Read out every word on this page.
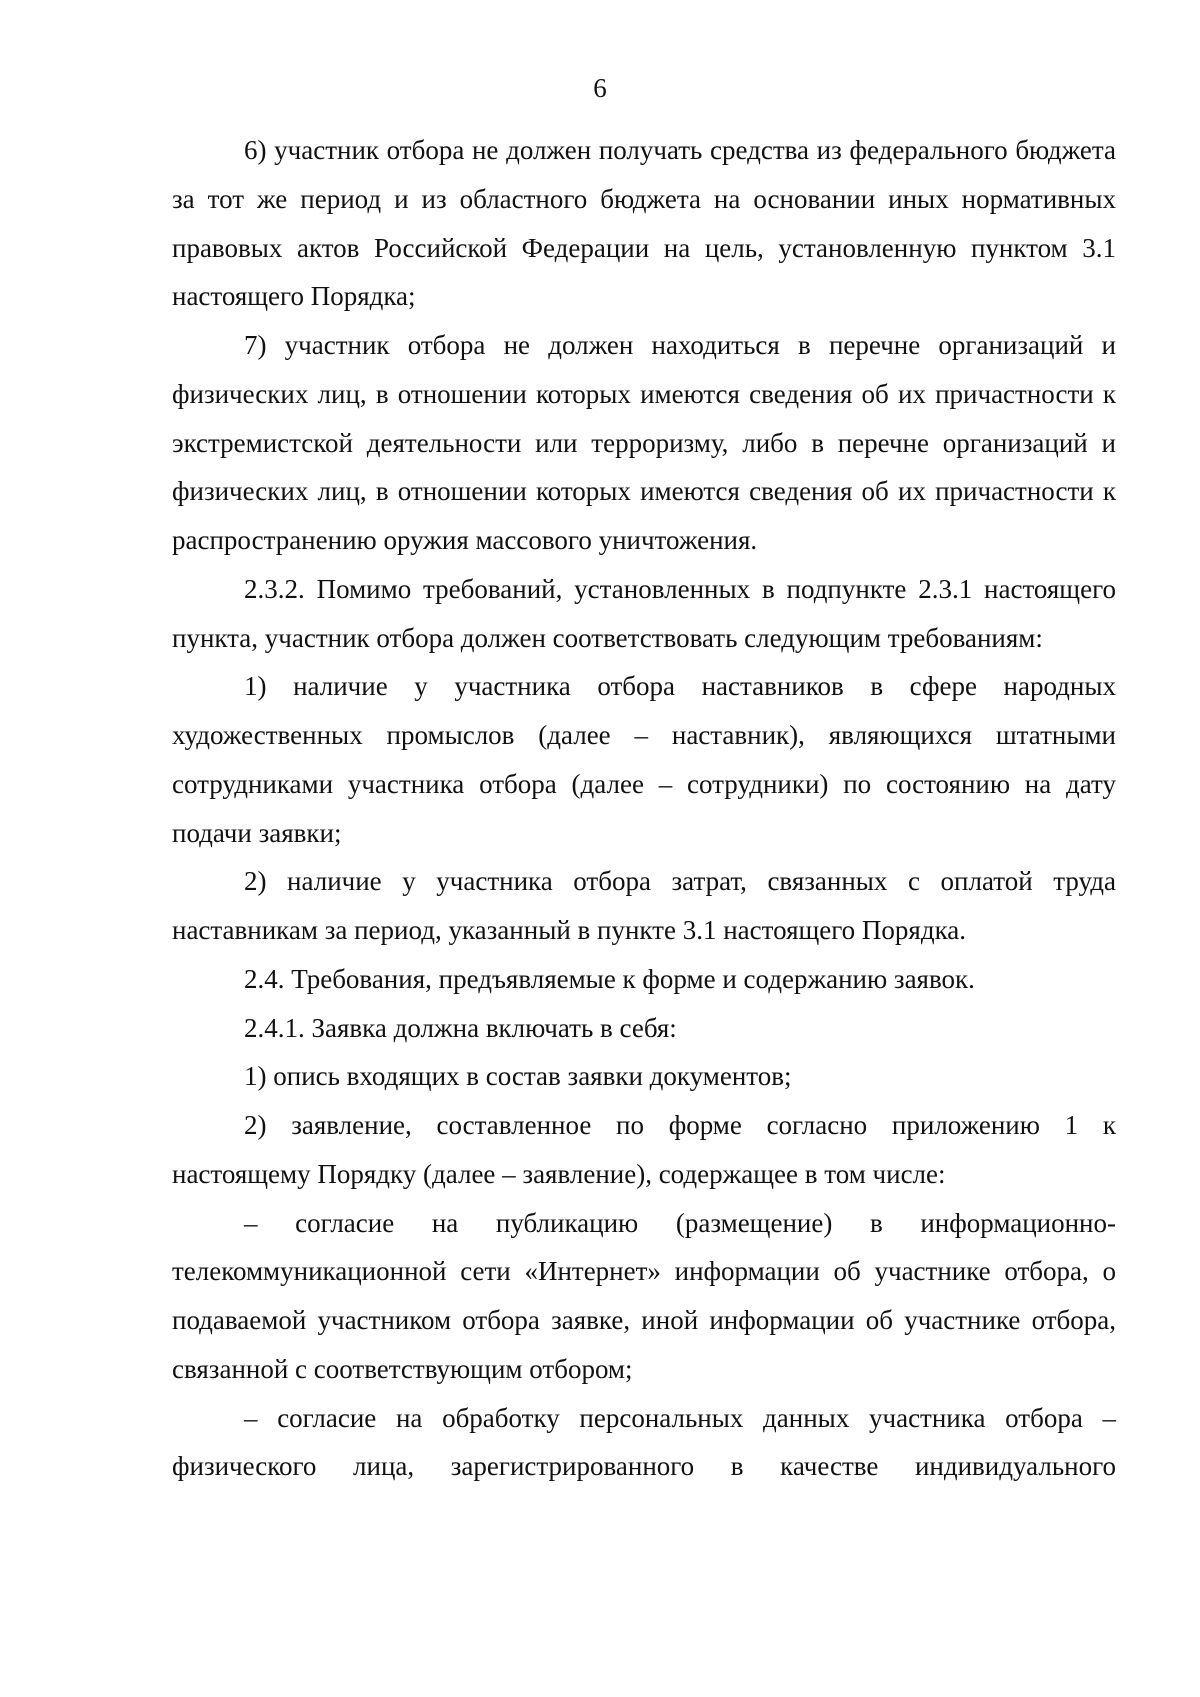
6

6) участник отбора не должен получать средства из федерального бюджета за тот же период и из областного бюджета на основании иных нормативных правовых актов Российской Федерации на цель, установленную пунктом 3.1 настоящего Порядка;

7) участник отбора не должен находиться в перечне организаций и физических лиц, в отношении которых имеются сведения об их причастности к экстремистской деятельности или терроризму, либо в перечне организаций и физических лиц, в отношении которых имеются сведения об их причастности к распространению оружия массового уничтожения.

2.3.2. Помимо требований, установленных в подпункте 2.3.1 настоящего пункта, участник отбора должен соответствовать следующим требованиям:

1) наличие у участника отбора наставников в сфере народных художественных промыслов (далее – наставник), являющихся штатными сотрудниками участника отбора (далее – сотрудники) по состоянию на дату подачи заявки;

2) наличие у участника отбора затрат, связанных с оплатой труда наставникам за период, указанный в пункте 3.1 настоящего Порядка.

2.4. Требования, предъявляемые к форме и содержанию заявок.

2.4.1. Заявка должна включать в себя:

1) опись входящих в состав заявки документов;

2) заявление, составленное по форме согласно приложению 1 к настоящему Порядку (далее – заявление), содержащее в том числе:

– согласие на публикацию (размещение) в информационно-телекоммуникационной сети «Интернет» информации об участнике отбора, о подаваемой участником отбора заявке, иной информации об участнике отбора, связанной с соответствующим отбором;

– согласие на обработку персональных данных участника отбора – физического лица, зарегистрированного в качестве индивидуального
